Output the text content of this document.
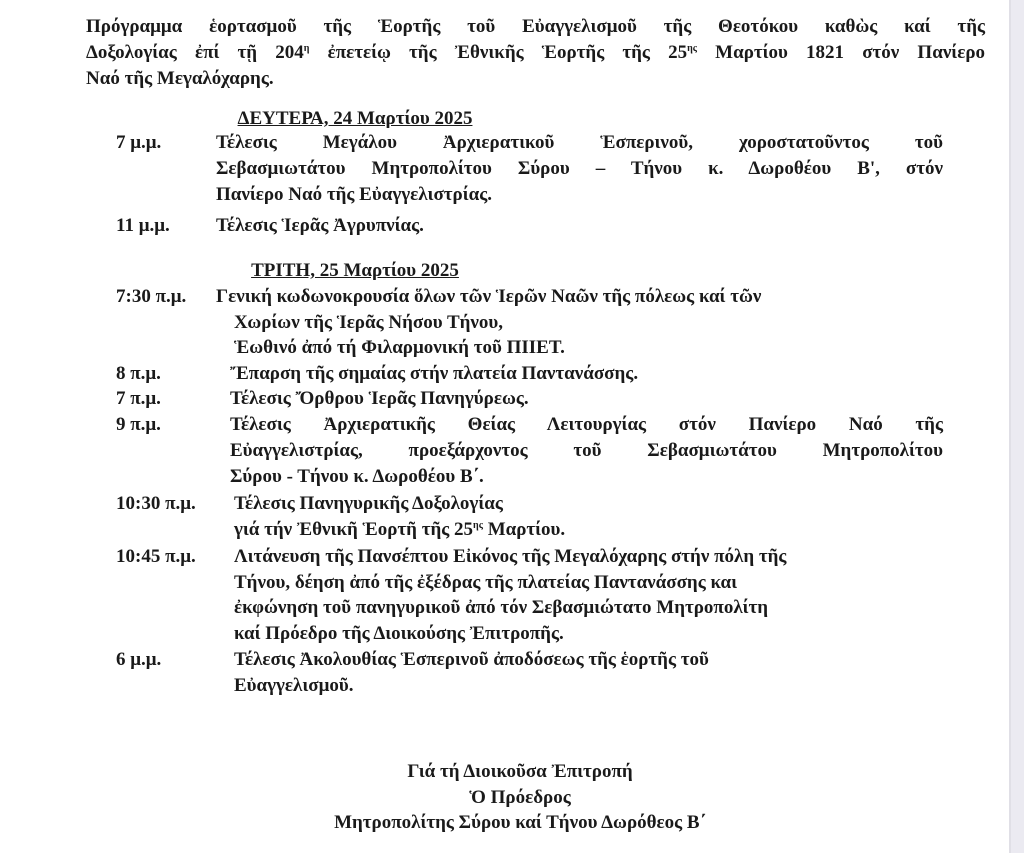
Πρόγραμμα ἑορτασμοῦ τῆς Ἑορτῆς τοῦ Εὐαγγελισμοῦ τῆς Θεοτόκου καθὼς καί τῆς
Δοξολογίας ἐπί τῇ $204^\eta$ ἐπετείῳ τῆς Ἐθνικῆς Ἑορτῆς τῆς $25^{\eta\varsigma}$ Μαρτίου 1821 στόν Πανίερο
Ναό τῆς Μεγαλόχαρης.
ΔΕΥΤΕΡΑ, 24 Μαρτίου 2025
7 μ.μ.	Τέλεσις Μεγάλου Ἀρχιερατικοῦ Ἑσπερινοῦ, χοροστατοῦντος τοῦ
Σεβασμιωτάτου Μητροπολίτου Σύρου – Τήνου κ. Δωροθέου Β', στόν
Πανίερο Ναό τῆς Εὐαγγελιστρίας.
11 μ.μ. Τέλεσις Ἱερᾶς Ἀγρυπνίας.
ΤΡΙΤΗ, 25 Μαρτίου 2025
7:30 π.μ. Γενική κωδωνοκρουσία ὅλων τῶν Ἱερῶν Ναῶν τῆς πόλεως καί τῶν
Χωρίων τῆς Ἱερᾶς Νήσου Τήνου,
Ἑωθινό ἀπό τή Φιλαρμονική τοῦ ΠΙΙΕΤ.
8 π.μ.	Ἔπαρση τῆς σημαίας στήν πλατεία Παντανάσσης.
7 π.μ.	Τέλεσις Ὄρθρου Ἱερᾶς Πανηγύρεως.
9 π.μ.	Τέλεσις Ἀρχιερατικῆς Θείας Λειτουργίας στόν Πανίερο Ναό τῆς
Εὐαγγελιστρίας, προεξάρχοντος τοῦ Σεβασμιωτάτου Μητροπολίτου
Σύρου - Τήνου κ. Δωροθέου Β΄.
10:30 π.μ. Τέλεσις Πανηγυρικῆς Δοξολογίας
γιά τήν Ἐθνικῆ Ἑορτῆ τῆς $25^{\eta\varsigma}$ Μαρτίου.
10:45 π.μ. Λιτάνευση τῆς Πανσέπτου Εἰκόνος τῆς Μεγαλόχαρης στήν πόλη τῆς
Τήνου, δέηση ἀπό τῆς ἐξέδρας τῆς πλατείας Παντανάσσης και
ἐκφώνηση τοῦ πανηγυρικοῦ ἀπό τόν Σεβασμιώτατο Μητροπολίτη
καί Πρόεδρο τῆς Διοικούσης Ἐπιτροπῆς.
6 μ.μ.	Τέλεσις Ἀκολουθίας Ἑσπερινοῦ ἀποδόσεως τῆς ἑορτῆς τοῦ
Εὐαγγελισμοῦ.
Γιά τή Διοικοῦσα Ἐπιτροπή
Ὁ Πρόεδρος
Μητροπολίτης Σύρου καί Τήνου Δωρόθεος Β΄
